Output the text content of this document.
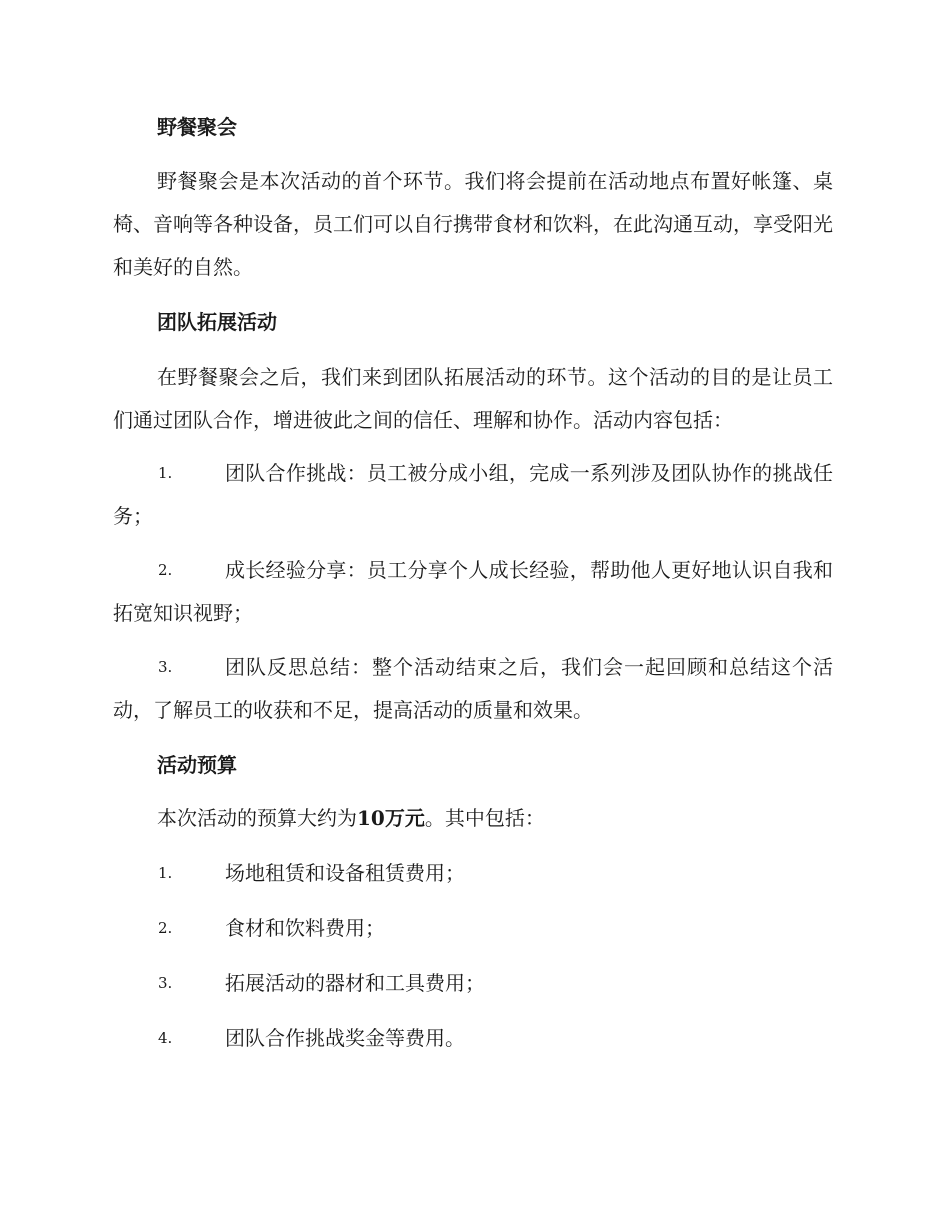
野餐聚会
野餐聚会是本次活动的首个环节。我们将会提前在活动地点布置好帐篷、桌椅、音响等各种设备，员工们可以自行携带食材和饮料，在此沟通互动，享受阳光和美好的自然。
团队拓展活动
在野餐聚会之后，我们来到团队拓展活动的环节。这个活动的目的是让员工们通过团队合作，增进彼此之间的信任、理解和协作。活动内容包括：
1.	团队合作挑战：员工被分成小组，完成一系列涉及团队协作的挑战任务；
2.	成长经验分享：员工分享个人成长经验，帮助他人更好地认识自我和拓宽知识视野；
3.	团队反思总结：整个活动结束之后，我们会一起回顾和总结这个活动，了解员工的收获和不足，提高活动的质量和效果。
活动预算
本次活动的预算大约为10万元。其中包括：
1.	场地租赁和设备租赁费用；
2.	食材和饮料费用；
3.	拓展活动的器材和工具费用；
4.	团队合作挑战奖金等费用。
